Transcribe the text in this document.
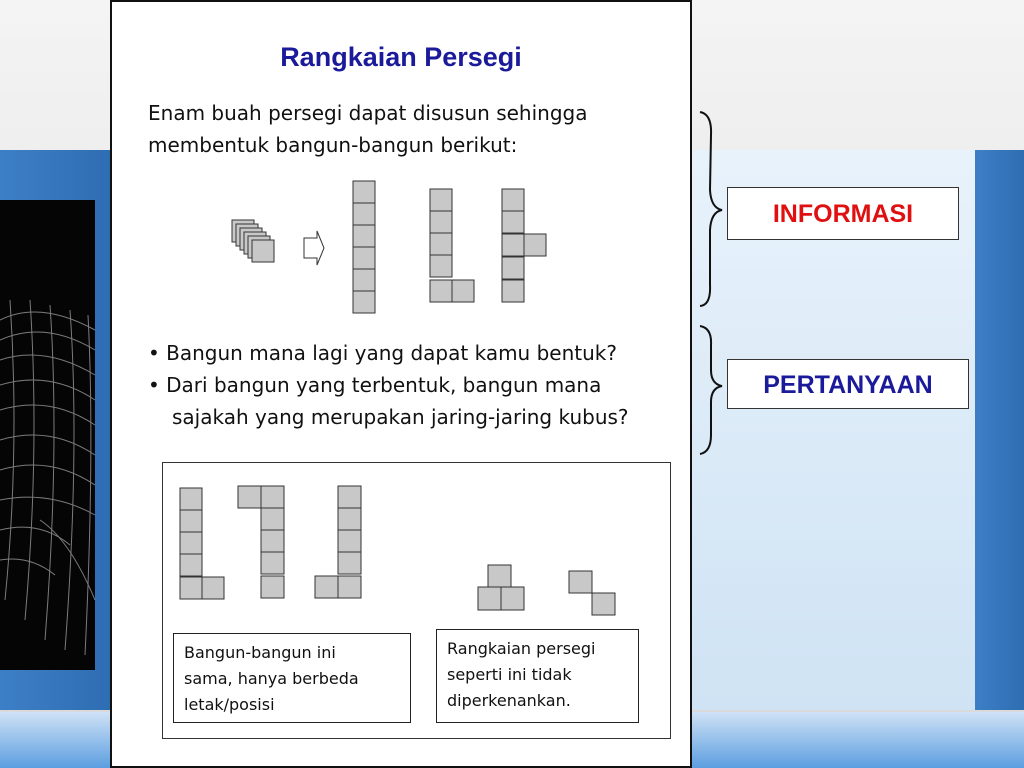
Rangkaian Persegi
Enam buah persegi dapat disusun sehingga
membentuk bangun-bangun berikut:
• Bangun mana lagi yang dapat kamu bentuk?
• Dari bangun yang terbentuk, bangun mana
sajakah yang merupakan jaring-jaring kubus?
Bangun-bangun ini
sama, hanya berbeda
letak/posisi
Rangkaian persegi
seperti ini tidak
diperkenankan.
INFORMASI
PERTANYAAN
